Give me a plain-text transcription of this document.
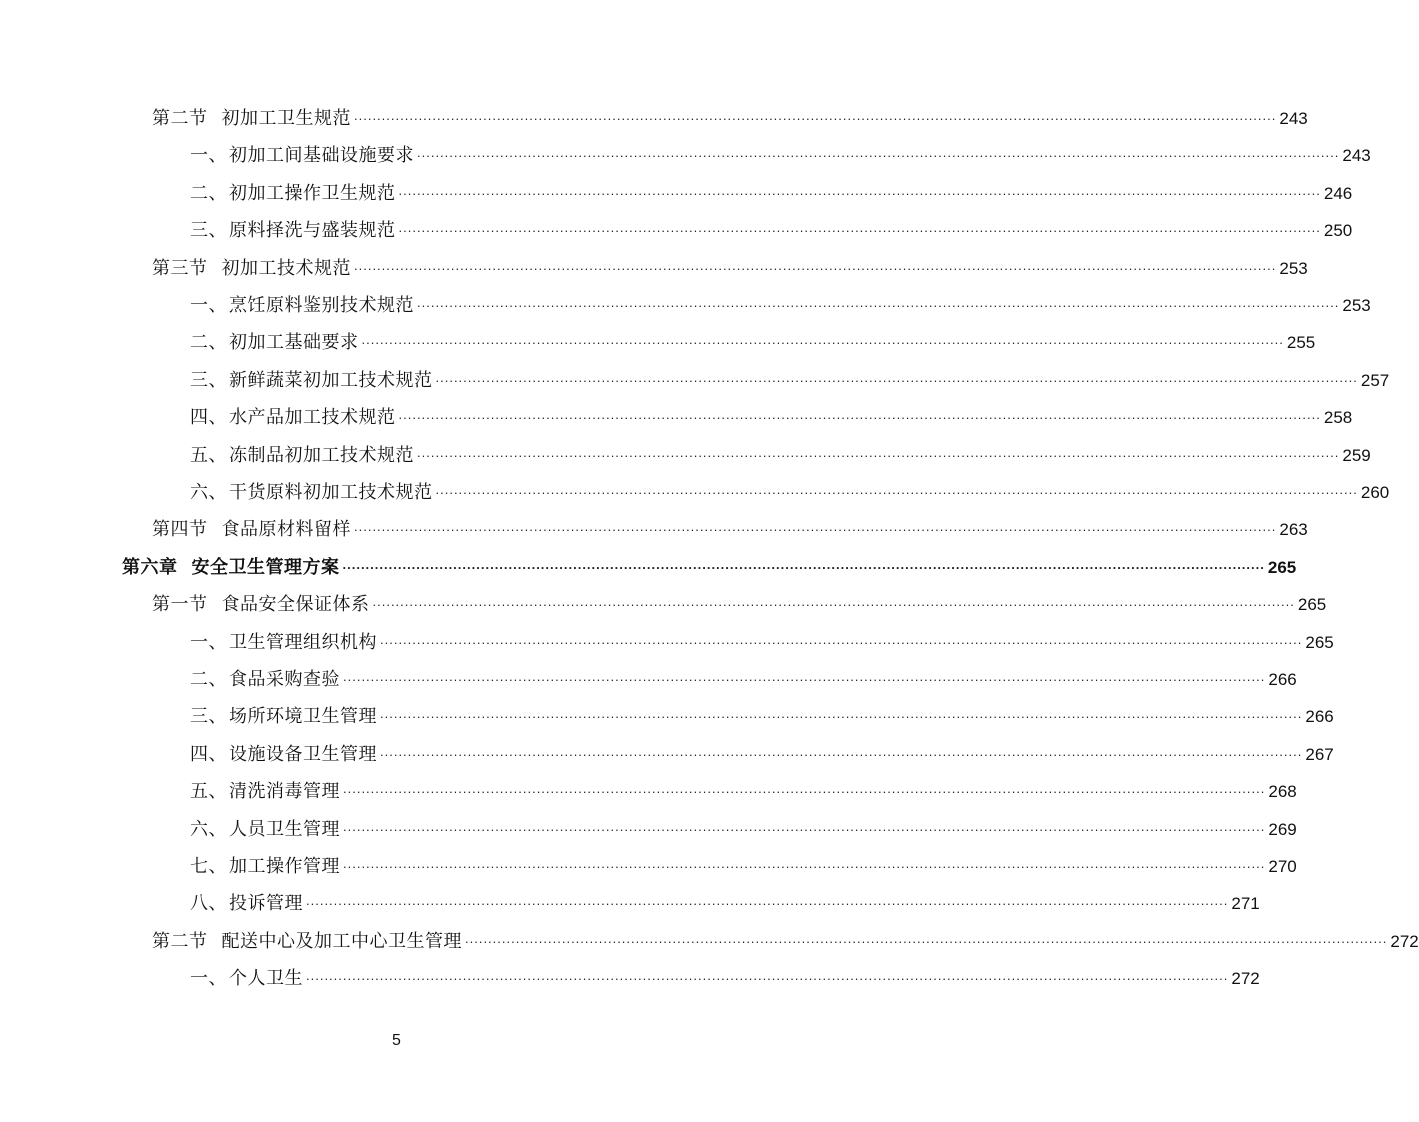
第二节 初加工卫生规范 ........................................................................................................................................................................................................ 243
一、 初加工间基础设施要求 ........................................................................................................................................................................................................ 243
二、 初加工操作卫生规范 ........................................................................................................................................................................................................ 246
三、 原料择洗与盛装规范 ........................................................................................................................................................................................................ 250
第三节 初加工技术规范 ........................................................................................................................................................................................................ 253
一、 烹饪原料鉴别技术规范 ........................................................................................................................................................................................................ 253
二、 初加工基础要求 ........................................................................................................................................................................................................ 255
三、 新鲜蔬菜初加工技术规范 ........................................................................................................................................................................................................ 257
四、 水产品加工技术规范 ........................................................................................................................................................................................................ 258
五、 冻制品初加工技术规范 ........................................................................................................................................................................................................ 259
六、 干货原料初加工技术规范 ........................................................................................................................................................................................................ 260
第四节 食品原材料留样 ........................................................................................................................................................................................................ 263
第六章 安全卫生管理方案 ........................................................................................................................................................................................................ 265
第一节 食品安全保证体系 ........................................................................................................................................................................................................ 265
一、 卫生管理组织机构 ........................................................................................................................................................................................................ 265
二、 食品采购查验 ........................................................................................................................................................................................................ 266
三、 场所环境卫生管理 ........................................................................................................................................................................................................ 266
四、 设施设备卫生管理 ........................................................................................................................................................................................................ 267
五、 清洗消毒管理 ........................................................................................................................................................................................................ 268
六、 人员卫生管理 ........................................................................................................................................................................................................ 269
七、 加工操作管理 ........................................................................................................................................................................................................ 270
八、 投诉管理 ........................................................................................................................................................................................................ 271
第二节 配送中心及加工中心卫生管理 ........................................................................................................................................................................................................ 272
一、 个人卫生 ........................................................................................................................................................................................................ 272
5
